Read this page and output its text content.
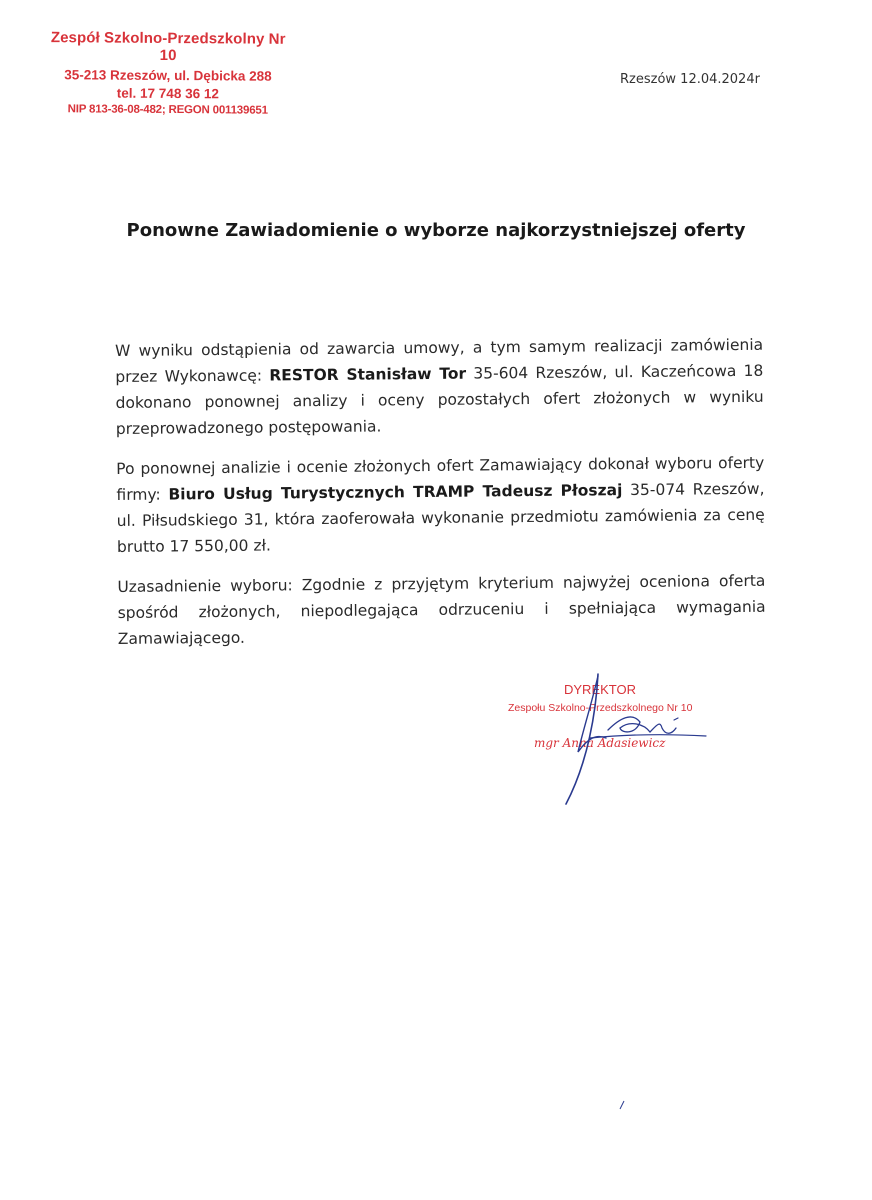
Zespół Szkolno-Przedszkolny Nr 10
35-213 Rzeszów, ul. Dębicka 288
tel. 17 748 36 12
NIP 813-36-08-482; REGON 001139651
Rzeszów 12.04.2024r
Ponowne Zawiadomienie o wyborze najkorzystniejszej oferty

W wyniku odstąpienia od zawarcia umowy, a tym samym realizacji zamówienia przez Wykonawcę: RESTOR Stanisław Tor 35-604 Rzeszów, ul. Kaczeńcowa 18 dokonano ponownej analizy i oceny pozostałych ofert złożonych w wyniku przeprowadzonego postępowania.

Po ponownej analizie i ocenie złożonych ofert Zamawiający dokonał wyboru oferty firmy: Biuro Usług Turystycznych TRAMP Tadeusz Płoszaj 35-074 Rzeszów, ul. Piłsudskiego 31, która zaoferowała wykonanie przedmiotu zamówienia za cenę brutto 17 550,00 zł.

Uzasadnienie wyboru: Zgodnie z przyjętym kryterium najwyżej oceniona oferta spośród złożonych, niepodlegająca odrzuceniu i spełniająca wymagania Zamawiającego.

DYREKTOR
Zespołu Szkolno-Przedszkolnego Nr 10
mgr Anna Adasiewicz
